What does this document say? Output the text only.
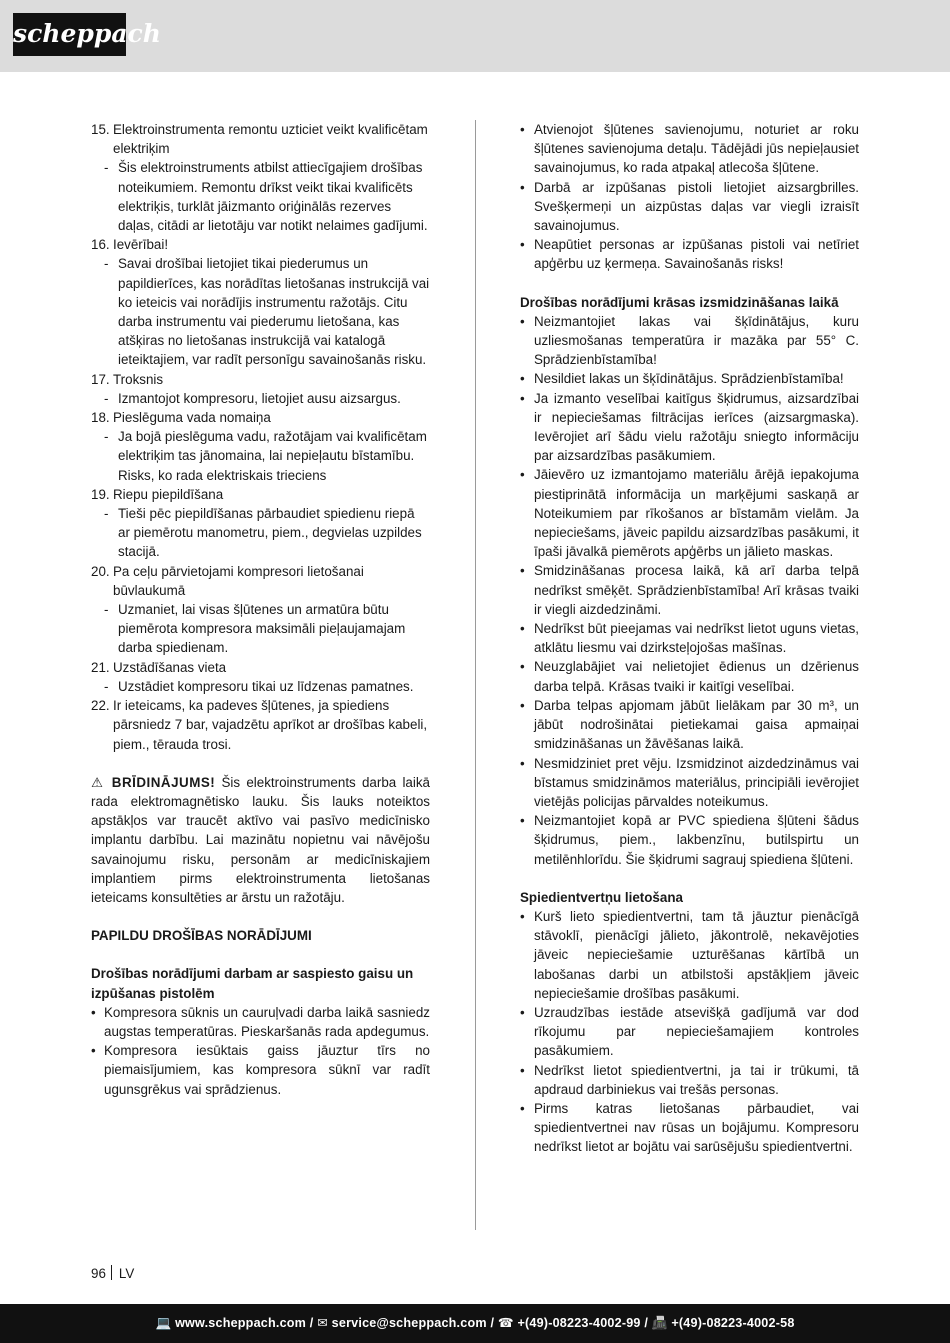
scheppach
15. Elektroinstrumenta remontu uzticiet veikt kvalificētam elektriķim
- Šis elektroinstruments atbilst attiecīgajiem drošības noteikumiem. Remontu drīkst veikt tikai kvalificēts elektriķis, turklāt jāizmanto oriģinālās rezerves daļas, citādi ar lietotāju var notikt nelaimes gadījumi.
16. Ievērībai!
- Savai drošībai lietojiet tikai piederumus un papildierīces, kas norādītas lietošanas instrukcijā vai ko ieteicis vai norādījis instrumentu ražotājs. Citu darba instrumentu vai piederumu lietošana, kas atšķiras no lietošanas instrukcijā vai katalogā ieteiktajiem, var radīt personīgu savainošanās risku.
17. Troksnis
- Izmantojot kompresoru, lietojiet ausu aizsargus.
18. Pieslēguma vada nomaiņa
- Ja bojā pieslēguma vadu, ražotājam vai kvalificētam elektriķim tas jānomaina, lai nepieļautu bīstamību. Risks, ko rada elektriskais trieciens
19. Riepu piepildīšana
- Tieši pēc piepildīšanas pārbaudiet spiedienu riepā ar piemērotu manometru, piem., degvielas uzpildes stacijā.
20. Pa ceļu pārvietojami kompresori lietošanai būvlaukumā
- Uzmaniet, lai visas šļūtenes un armatūra būtu piemērota kompresora maksimāli pieļaujamajam darba spiedienam.
21. Uzstādīšanas vieta
- Uzstādiet kompresoru tikai uz līdzenas pamatnes.
22. Ir ieteicams, ka padeves šļūtenes, ja spiediens pārsniedz 7 bar, vajadzētu aprīkot ar drošības kabeli, piem., tērauda trosi.

⚠ BRĪDINĀJUMS! Šis elektroinstruments darba laikā rada elektromagnētisko lauku. Šis lauks noteiktos apstākļos var traucēt aktīvo vai pasīvo medicīnisko implantu darbību. Lai mazinātu nopietnu vai nāvējošu savainojumu risku, personām ar medicīniskajiem implantiem pirms elektroinstrumenta lietošanas ieteicams konsultēties ar ārstu un ražotāju.

PAPILDU DROŠĪBAS NORĀDĪJUMI

Drošības norādījumi darbam ar saspiesto gaisu un izpūšanas pistolēm

• Kompresora sūknis un cauruļvadi darba laikā sasniedz augstas temperatūras. Pieskaršanās rada apdegumus.
• Kompresora iesūktais gaiss jāuztur tīrs no piemaisījumiem, kas kompresora sūknī var radīt ugunsgrēkus vai sprādzienus.
• Atvienojot šļūtenes savienojumu, noturiet ar roku šļūtenes savienojuma detaļu. Tādējādi jūs nepieļausiet savainojumus, ko rada atpakaļ atlecoša šļūtene.
• Darbā ar izpūšanas pistoli lietojiet aizsargbrilles. Svešķermeņi un aizpūstas daļas var viegli izraisīt savainojumus.
• Neapūtiet personas ar izpūšanas pistoli vai netīriet apģērbu uz ķermeņa. Savainošanās risks!

Drošības norādījumi krāsas izsmidzināšanas laikā

• Neizmantojiet lakas vai šķīdinātājus, kuru uzliesmošanas temperatūra ir mazāka par 55° C. Sprādzienbīstamība!
• Nesildiet lakas un šķīdinātājus. Sprādzienbīstamība!
• Ja izmanto veselībai kaitīgus šķidrumus, aizsardzībai ir nepieciešamas filtrācijas ierīces (aizsargmaska). Ievērojiet arī šādu vielu ražotāju sniegto informāciju par aizsardzības pasākumiem.
• Jāievēro uz izmantojamo materiālu ārējā iepakojuma piestiprinātā informācija un marķējumi saskaņā ar Noteikumiem par rīkošanos ar bīstamām vielām. Ja nepieciešams, jāveic papildu aizsardzības pasākumi, it īpaši jāvalkā piemērots apģērbs un jālieto maskas.
• Smidzināšanas procesa laikā, kā arī darba telpā nedrīkst smēķēt. Sprādzienbīstamība! Arī krāsas tvaiki ir viegli aizdedzināmi.
• Nedrīkst būt pieejamas vai nedrīkst lietot uguns vietas, atklātu liesmu vai dzirksteļojošas mašīnas.
• Neuzglabājiet vai nelietojiet ēdienus un dzērienus darba telpā. Krāsas tvaiki ir kaitīgi veselībai.
• Darba telpas apjomam jābūt lielākam par 30 m³, un jābūt nodrošinātai pietiekamai gaisa apmaiņai smidzināšanas un žāvēšanas laikā.
• Nesmidziniet pret vēju. Izsmidzinot aizdedzināmus vai bīstamus smidzināmos materiālus, principiāli ievērojiet vietējās policijas pārvaldes noteikumus.
• Neizmantojiet kopā ar PVC spiediena šļūteni šādus šķidrumus, piem., lakbenzīnu, butilspirtu un metilēnhlorīdu. Šie šķidrumi sagrauj spiediena šļūteni.

Spiedientvertņu lietošana

• Kurš lieto spiedientvertni, tam tā jāuztur pienācīgā stāvoklī, pienācīgi jālieto, jākontrolē, nekavējoties jāveic nepieciešamie uzturēšanas kārtībā un labošanas darbi un atbilstoši apstākļiem jāveic nepieciešamie drošības pasākumi.
• Uzraudzības iestāde atsevišķā gadījumā var dod rīkojumu par nepieciešamajiem kontroles pasākumiem.
• Nedrīkst lietot spiedientvertni, ja tai ir trūkumi, tā apdraud darbiniekus vai trešās personas.
• Pirms katras lietošanas pārbaudiet, vai spiedientvertnei nav rūsas un bojājumu. Kompresoru nedrīkst lietot ar bojātu vai sarūsējušu spiedientvertni.
96 LV
💻 www.scheppach.com / ✉ service@scheppach.com / ☎ +(49)-08223-4002-99 / 📠 +(49)-08223-4002-58
